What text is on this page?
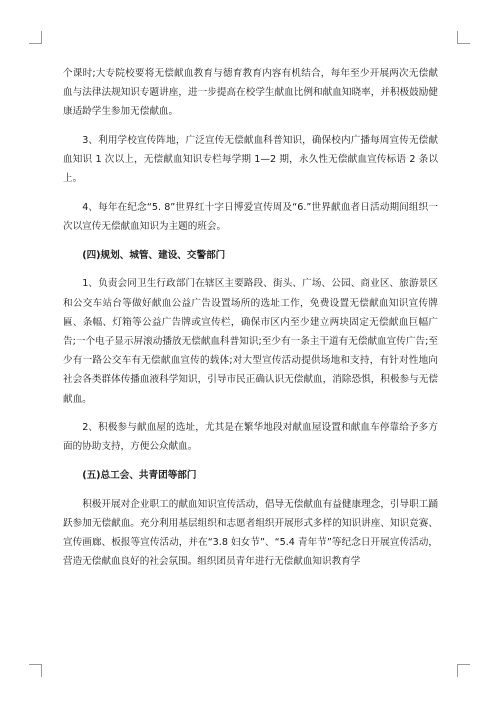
个课时;大专院校要将无偿献血教育与德育教育内容有机结合，每年至少开展两次无偿献血与法律法规知识专题讲座，进一步提高在校学生献血比例和献血知晓率，并积极鼓励健康适龄学生参加无偿献血。

3、利用学校宣传阵地，广泛宣传无偿献血科普知识，确保校内广播每周宣传无偿献血知识 1 次以上，无偿献血知识专栏每学期 1—2 期，永久性无偿献血宣传标语 2 条以上。

4、每年在纪念“5. 8”世界红十字日博爱宣传周及“6.”世界献血者日活动期间组织一次以宣传无偿献血知识为主题的班会。

(四)规划、城管、建设、交警部门

1、负责会同卫生行政部门在辖区主要路段、街头、广场、公园、商业区、旅游景区和公交车站台等做好献血公益广告设置场所的选址工作，免费设置无偿献血知识宣传牌匾、条幅、灯箱等公益广告牌或宣传栏，确保市区内至少建立两块固定无偿献血巨幅广告;一个电子显示屏滚动播放无偿献血科普知识;至少有一条主干道有无偿献血宣传广告;至少有一路公交车有无偿献血宣传的载体;对大型宣传活动提供场地和支持，有针对性地向社会各类群体传播血液科学知识，引导市民正确认识无偿献血，消除恐惧，积极参与无偿献血。

2、积极参与献血屋的选址，尤其是在繁华地段对献血屋设置和献血车停靠给予多方面的协助支持，方便公众献血。

(五)总工会、共青团等部门

积极开展对企业职工的献血知识宣传活动，倡导无偿献血有益健康理念，引导职工踊跃参加无偿献血。充分利用基层组织和志愿者组织开展形式多样的知识讲座、知识竞赛、宣传画廊、板报等宣传活动，并在“3.8 妇女节”、“5.4 青年节”等纪念日开展宣传活动，营造无偿献血良好的社会氛围。组织团员青年进行无偿献血知识教育学
